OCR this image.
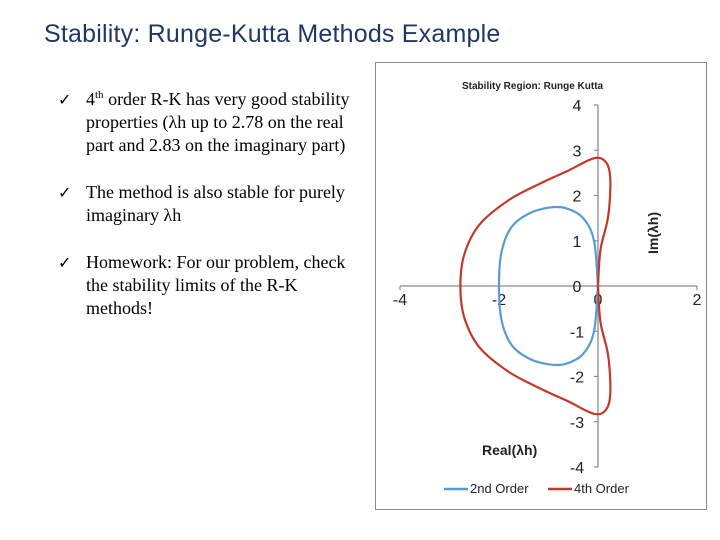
Stability: Runge-Kutta Methods Example
✓ 4th order R-K has very good stability properties (λh up to 2.78 on the real part and 2.83 on the imaginary part)
✓ The method is also stable for purely imaginary λh
✓ Homework: For our problem, check the stability limits of the R-K methods!
Stability Region: Runge Kutta
Im(λh)
Real(λh)
-4
-3
-2
-1
0
1
2
3
4
-4	-2	2
0
2nd Order	4th Order
